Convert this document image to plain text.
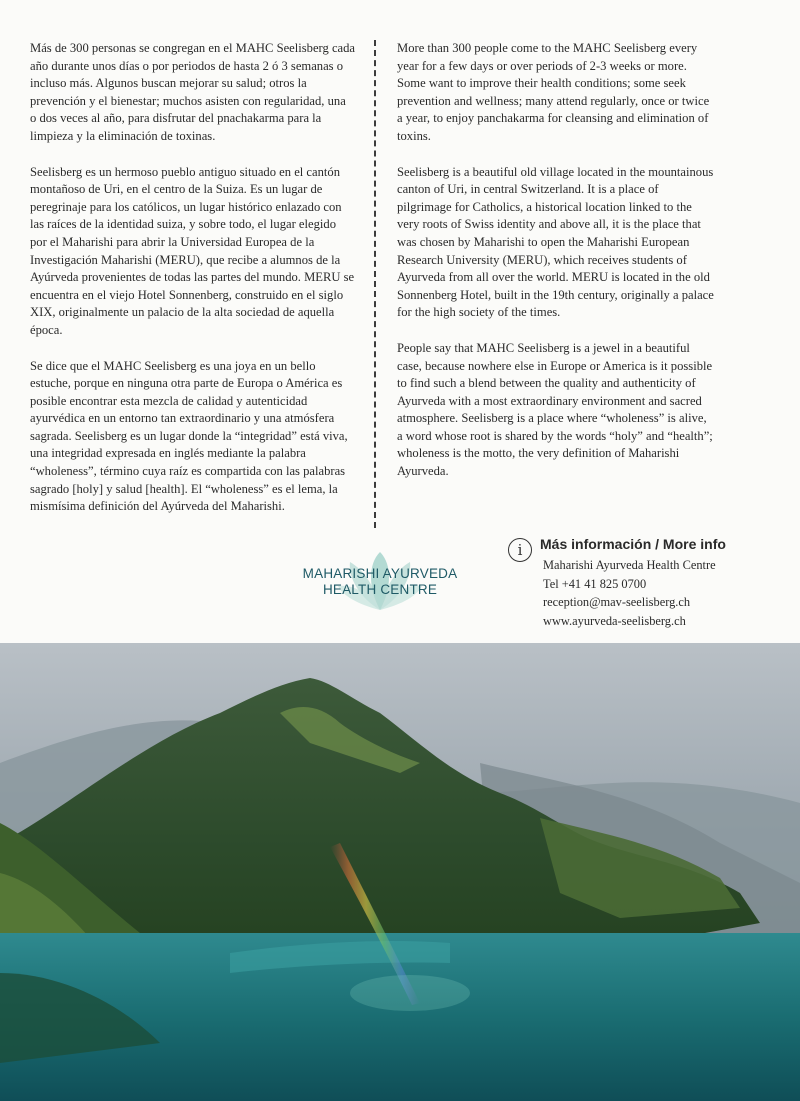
Más de 300 personas se congregan en el MAHC Seelisberg cada año durante unos días o por periodos de hasta 2 ó 3 semanas o incluso más. Algunos buscan mejorar su salud; otros la prevención y el bienestar; muchos asisten con regularidad, una o dos veces al año, para disfrutar del pnachakarma para la limpieza y la eliminación de toxinas.

Seelisberg es un hermoso pueblo antiguo situado en el cantón montañoso de Uri, en el centro de la Suiza. Es un lugar de peregrinaje para los católicos, un lugar histórico enlazado con las raíces de la identidad suiza, y sobre todo, el lugar elegido por el Maharishi para abrir la Universidad Europea de la Investigación Maharishi (MERU), que recibe a alumnos de la Ayúrveda provenientes de todas las partes del mundo. MERU se encuentra en el viejo Hotel Sonnenberg, construido en el siglo XIX, originalmente un palacio de la alta sociedad de aquella época.

Se dice que el MAHC Seelisberg es una joya en un bello estuche, porque en ninguna otra parte de Europa o América es posible encontrar esta mezcla de calidad y autenticidad ayurvédica en un entorno tan extraordinario y una atmósfera sagrada. Seelisberg es un lugar donde la “integridad” está viva, una integridad expresada en inglés mediante la palabra “wholeness”, término cuya raíz es compartida con las palabras sagrado [holy] y salud [health]. El “wholeness” es el lema, la mismísima definición del Ayúrveda del Maharishi.

More than 300 people come to the MAHC Seelisberg every year for a few days or over periods of 2-3 weeks or more. Some want to improve their health conditions; some seek prevention and wellness; many attend regularly, once or twice a year, to enjoy panchakarma for cleansing and elimination of toxins.

Seelisberg is a beautiful old village located in the mountainous canton of Uri, in central Switzerland. It is a place of pilgrimage for Catholics, a historical location linked to the very roots of Swiss identity and above all, it is the place that was chosen by Maharishi to open the Maharishi European Research University (MERU), which receives students of Ayurveda from all over the world. MERU is located in the old Sonnenberg Hotel, built in the 19th century, originally a palace for the high society of the times.

People say that MAHC Seelisberg is a jewel in a beautiful case, because nowhere else in Europe or America is it possible to find such a blend between the quality and authenticity of Ayurveda with a most extraordinary environment and sacred atmosphere. Seelisberg is a place where “wholeness” is alive, a word whose root is shared by the words “holy” and “health”; wholeness is the motto, the very definition of Maharishi Ayurveda.

MAHARISHI AYURVEDA
HEALTH CENTRE
i	Más información / More info
Maharishi Ayurveda Health Centre
Tel +41 41 825 0700
reception@mav-seelisberg.ch
www.ayurveda-seelisberg.ch
